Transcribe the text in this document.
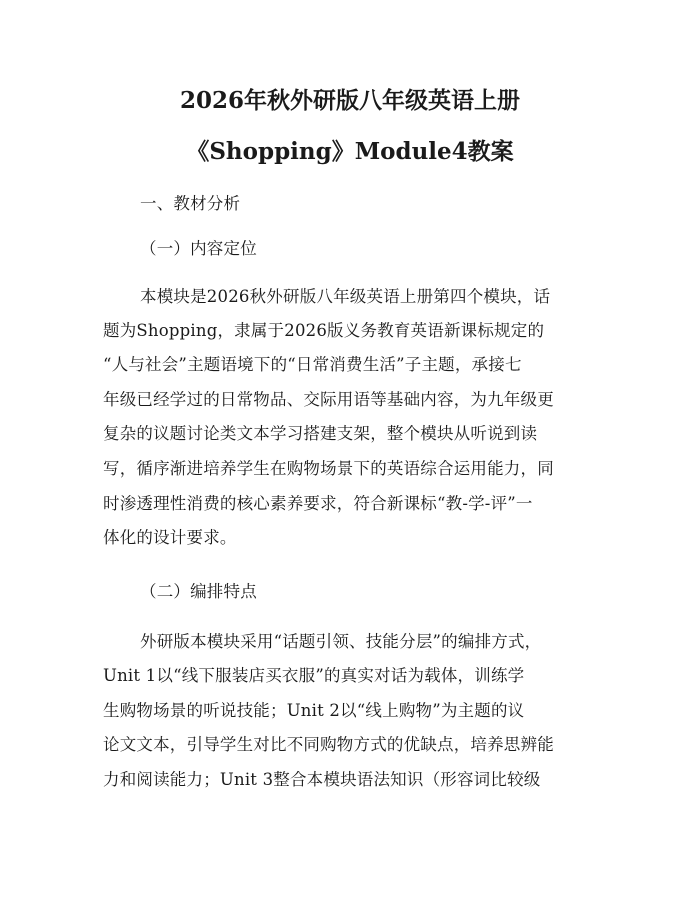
2026年秋外研版八年级英语上册
《Shopping》Module4教案
一、教材分析
（一）内容定位
本模块是2026秋外研版八年级英语上册第四个模块，话
题为Shopping，隶属于2026版义务教育英语新课标规定的
“人与社会”主题语境下的“日常消费生活”子主题，承接七
年级已经学过的日常物品、交际用语等基础内容，为九年级更
复杂的议题讨论类文本学习搭建支架，整个模块从听说到读
写，循序渐进培养学生在购物场景下的英语综合运用能力，同
时渗透理性消费的核心素养要求，符合新课标“教-学-评”一
体化的设计要求。
（二）编排特点
外研版本模块采用“话题引领、技能分层”的编排方式，
Unit 1以“线下服装店买衣服”的真实对话为载体，训练学
生购物场景的听说技能；Unit 2以“线上购物”为主题的议
论文文本，引导学生对比不同购物方式的优缺点，培养思辨能
力和阅读能力；Unit 3整合本模块语法知识（形容词比较级
